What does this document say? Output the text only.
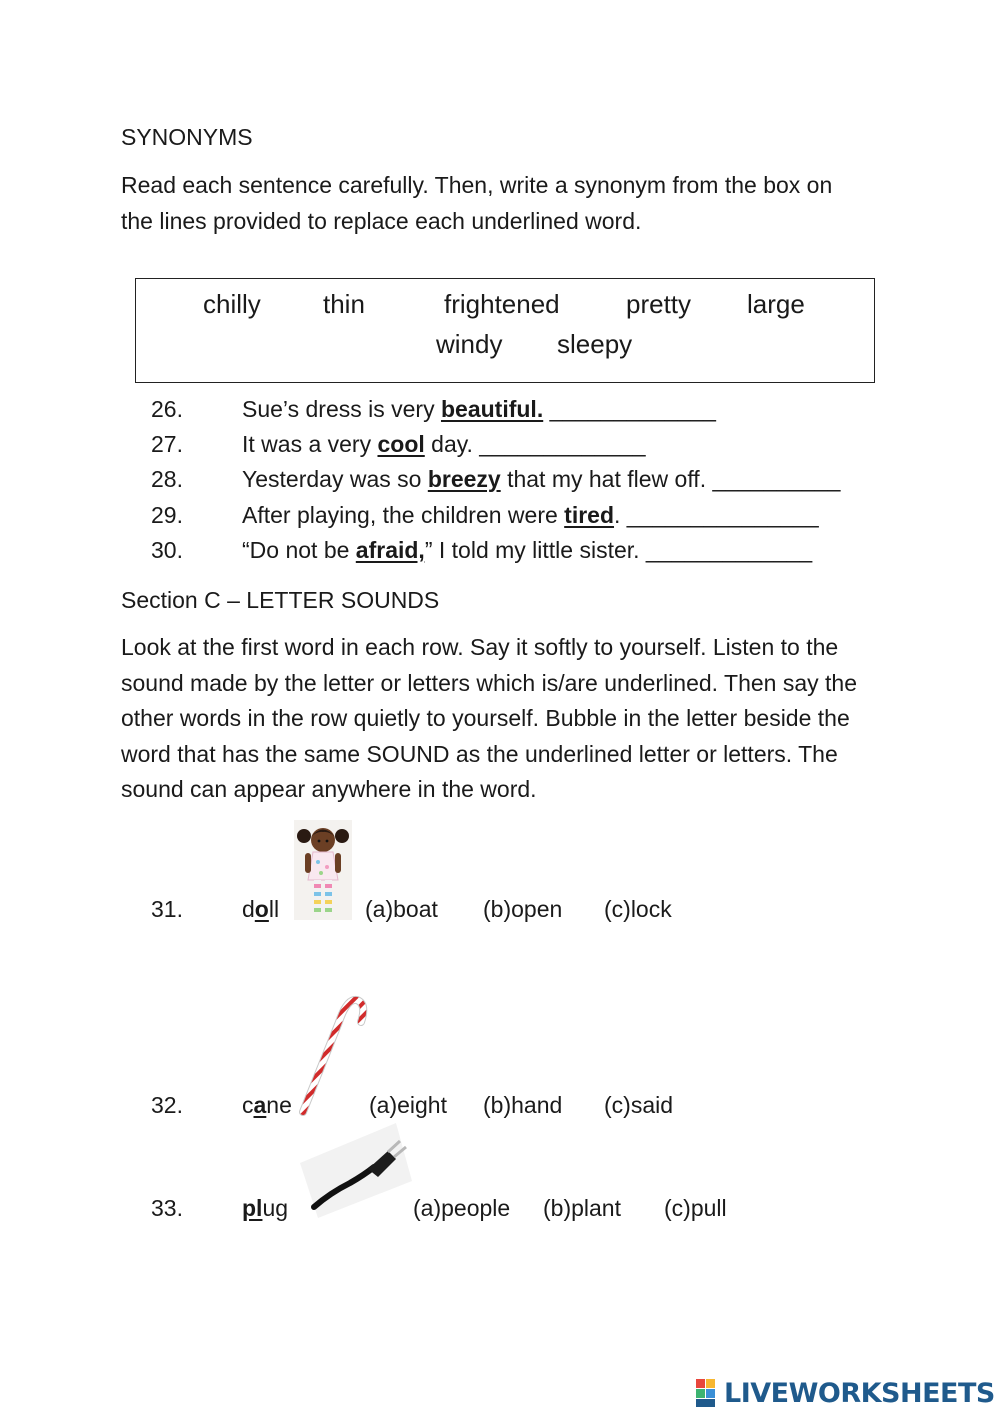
SYNONYMS
Read each sentence carefully. Then, write a synonym from the box on the lines provided to replace each underlined word.
chilly thin	frightened	pretty large
windy sleepy
26.	Sue’s dress is very beautiful. _____________
27.	It was a very cool day. _____________
28.	Yesterday was so breezy that my hat flew off. __________
29.	After playing, the children were tired. _______________
30.	“Do not be afraid,” I told my little sister. _____________
Section C – LETTER SOUNDS
Look at the first word in each row. Say it softly to yourself. Listen to the sound made by the letter or letters which is/are underlined. Then say the other words in the row quietly to yourself. Bubble in the letter beside the word that has the same SOUND as the underlined letter or letters. The sound can appear anywhere in the word.
31.	doll	(a)boat (b)open (c)lock
32.	cane	(a)eight (b)hand (c)said
33.	plug	(a)people (b)plant (c)pull
LIVEWORKSHEETS
